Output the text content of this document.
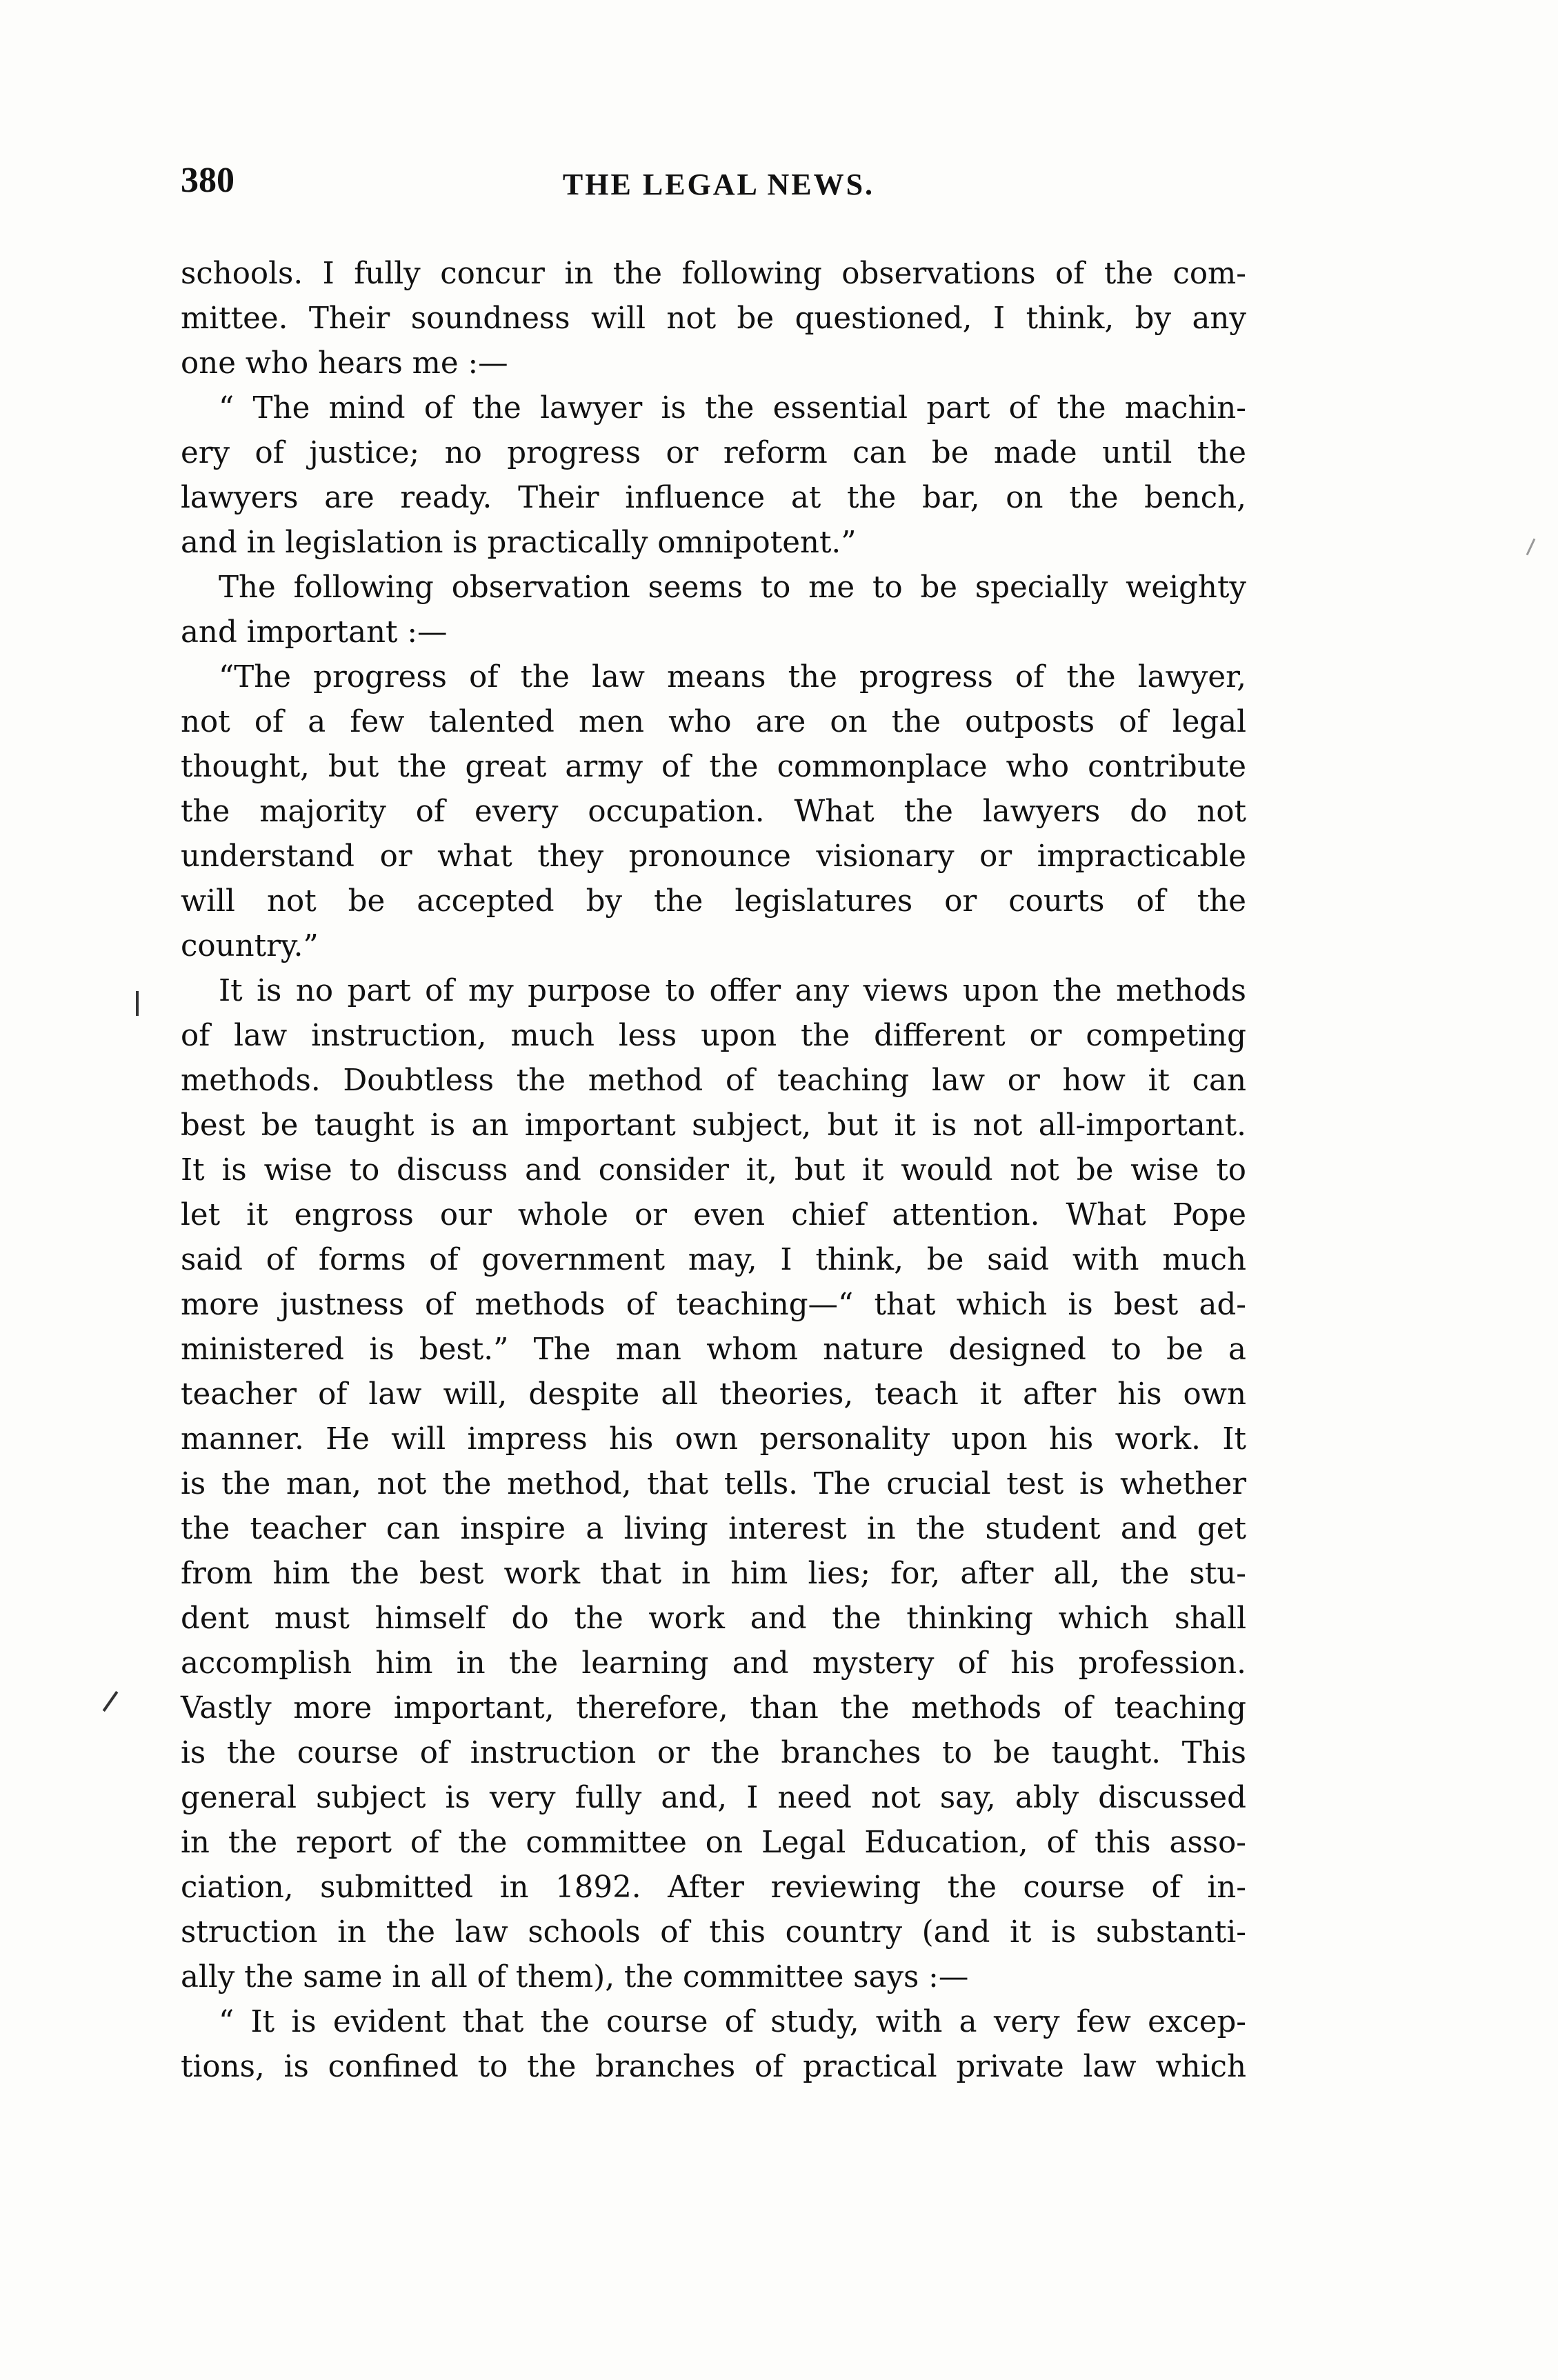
380	THE LEGAL NEWS.
schools. I fully concur in the following observations of the com-
mittee. Their soundness will not be questioned, I think, by any
one who hears me :—
“ The mind of the lawyer is the essential part of the machin-
ery of justice; no progress or reform can be made until the
lawyers are ready. Their influence at the bar, on the bench,
and in legislation is practically omnipotent.”
The following observation seems to me to be specially weighty
and important :—
“The progress of the law means the progress of the lawyer,
not of a few talented men who are on the outposts of legal
thought, but the great army of the commonplace who contribute
the majority of every occupation. What the lawyers do not
understand or what they pronounce visionary or impracticable
will not be accepted by the legislatures or courts of the
country.”
It is no part of my purpose to offer any views upon the methods
of law instruction, much less upon the different or competing
methods. Doubtless the method of teaching law or how it can
best be taught is an important subject, but it is not all-important.
It is wise to discuss and consider it, but it would not be wise to
let it engross our whole or even chief attention. What Pope
said of forms of government may, I think, be said with much
more justness of methods of teaching—“ that which is best ad-
ministered is best.” The man whom nature designed to be a
teacher of law will, despite all theories, teach it after his own
manner. He will impress his own personality upon his work. It
is the man, not the method, that tells. The crucial test is whether
the teacher can inspire a living interest in the student and get
from him the best work that in him lies; for, after all, the stu-
dent must himself do the work and the thinking which shall
accomplish him in the learning and mystery of his profession.
Vastly more important, therefore, than the methods of teaching
is the course of instruction or the branches to be taught. This
general subject is very fully and, I need not say, ably discussed
in the report of the committee on Legal Education, of this asso-
ciation, submitted in 1892. After reviewing the course of in-
struction in the law schools of this country (and it is substanti-
ally the same in all of them), the committee says :—
“ It is evident that the course of study, with a very few excep-
tions, is confined to the branches of practical private law which
